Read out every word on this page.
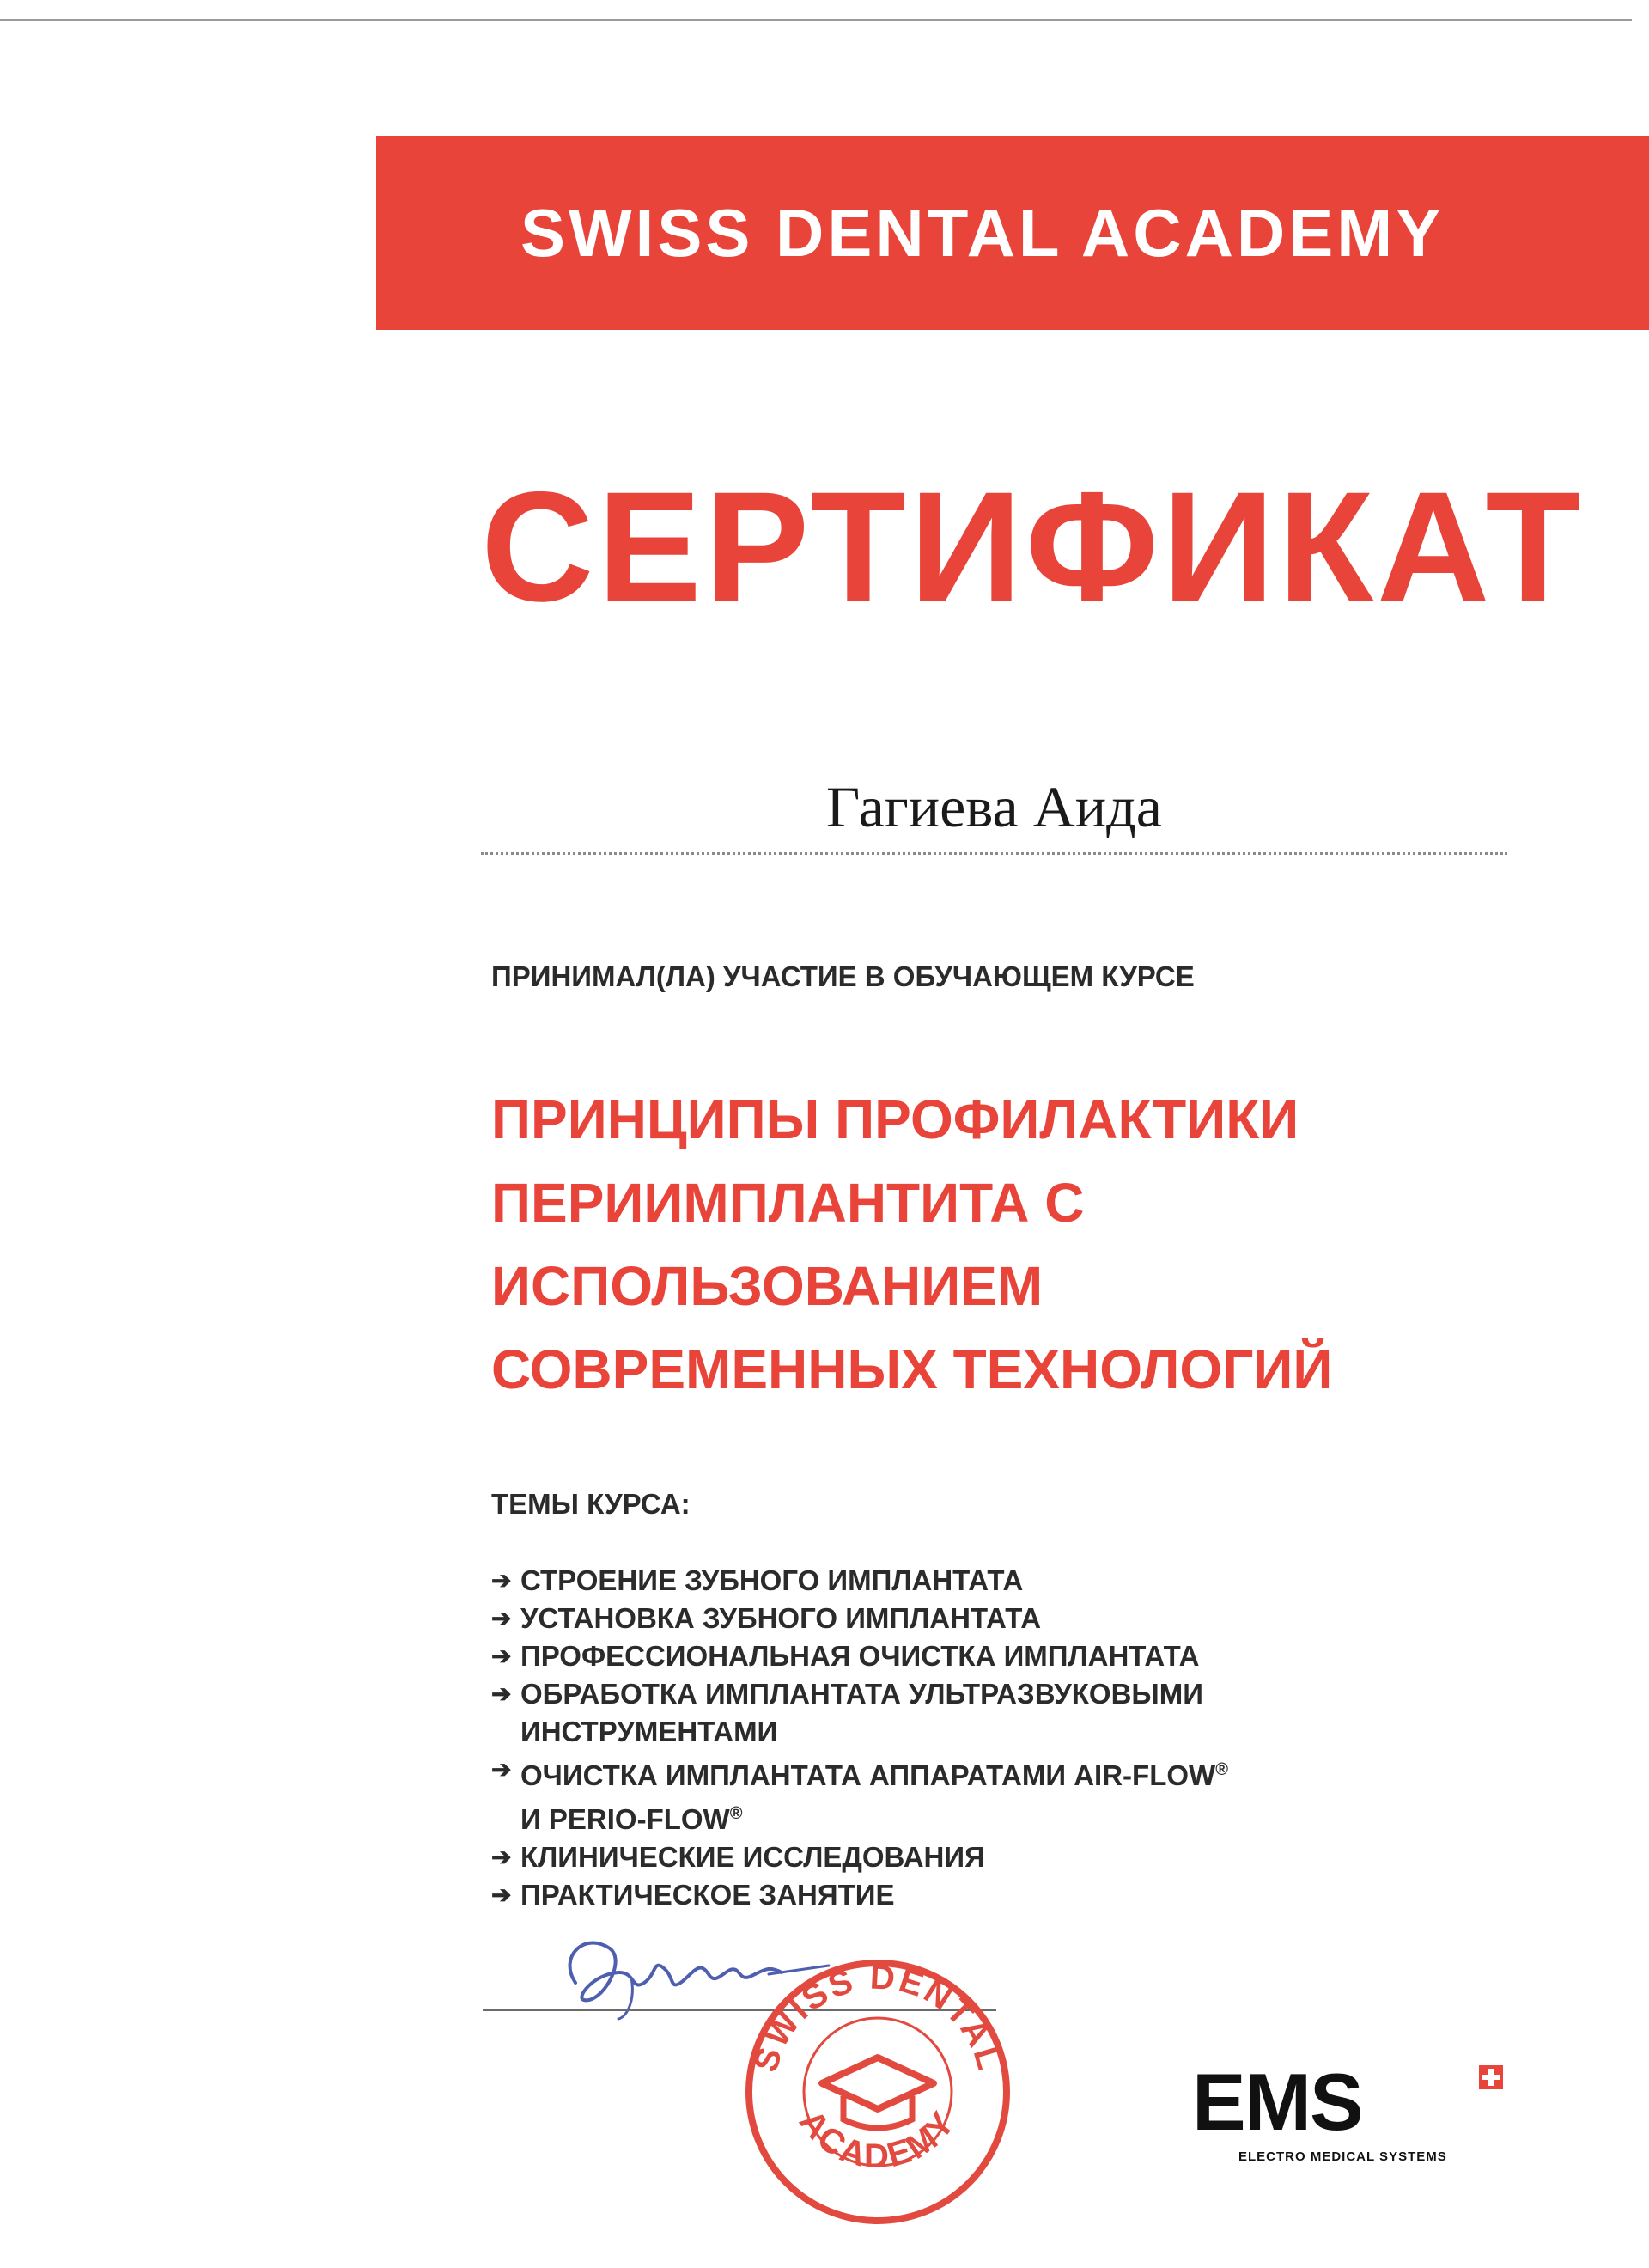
SWISS DENTAL ACADEMY
СЕРТИФИКАТ
Гагиева Аида
ПРИНИМАЛ(ЛА) УЧАСТИЕ В ОБУЧАЮЩЕМ КУРСЕ
ПРИНЦИПЫ ПРОФИЛАКТИКИ
ПЕРИИМПЛАНТИТА С
ИСПОЛЬЗОВАНИЕМ
СОВРЕМЕННЫХ ТЕХНОЛОГИЙ
ТЕМЫ КУРСА:
➔ СТРОЕНИЕ ЗУБНОГО ИМПЛАНТАТА
➔ УСТАНОВКА ЗУБНОГО ИМПЛАНТАТА
➔ ПРОФЕССИОНАЛЬНАЯ ОЧИСТКА ИМПЛАНТАТА
➔ ОБРАБОТКА ИМПЛАНТАТА УЛЬТРАЗВУКОВЫМИ
ИНСТРУМЕНТАМИ
➔ ОЧИСТКА ИМПЛАНТАТА АППАРАТАМИ AIR-FLOW®
И PERIO-FLOW®
➔ КЛИНИЧЕСКИЕ ИССЛЕДОВАНИЯ
➔ ПРАКТИЧЕСКОЕ ЗАНЯТИЕ
SWISS DENTAL
ACADEMY	EMS
ELECTRO MEDICAL SYSTEMS
